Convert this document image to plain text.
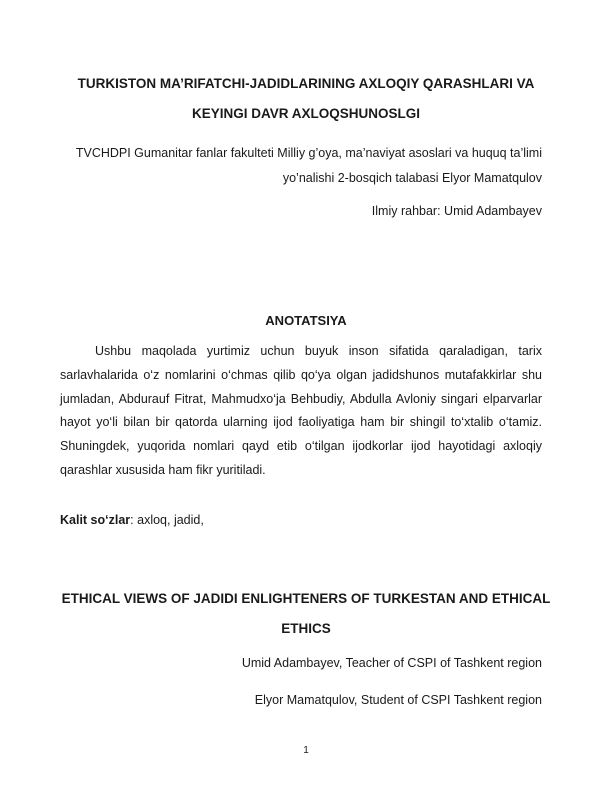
TURKISTON MA’RIFATCHI-JADIDLARINING AXLOQIY QARASHLARI VA KEYINGI DAVR AXLOQSHUNOSLGI

TVCHDPI Gumanitar fanlar fakulteti Milliy g’oya, ma’naviyat asoslari va huquq ta’limi yo’nalishi 2-bosqich talabasi Elyor Mamatqulov

Ilmiy rahbar: Umid Adambayev

ANOTATSIYA

Ushbu maqolada yurtimiz uchun buyuk inson sifatida qaraladigan, tarix sarlavhalarida o‘z nomlarini o‘chmas qilib qo‘ya olgan jadidshunos mutafakkirlar shu jumladan, Abdurauf Fitrat, Mahmudxo‘ja Behbudiy, Abdulla Avloniy singari elparvarlar hayot yo‘li bilan bir qatorda ularning ijod faoliyatiga ham bir shingil to‘xtalib o‘tamiz. Shuningdek, yuqorida nomlari qayd etib o‘tilgan ijodkorlar ijod hayotidagi axloqiy qarashlar xususida ham fikr yuritiladi.

Kalit so‘zlar: axloq, jadid,

ETHICAL VIEWS OF JADIDI ENLIGHTENERS OF TURKESTAN AND ETHICAL ETHICS

Umid Adambayev, Teacher of CSPI of Tashkent region

Elyor Mamatqulov, Student of CSPI Tashkent region

1
